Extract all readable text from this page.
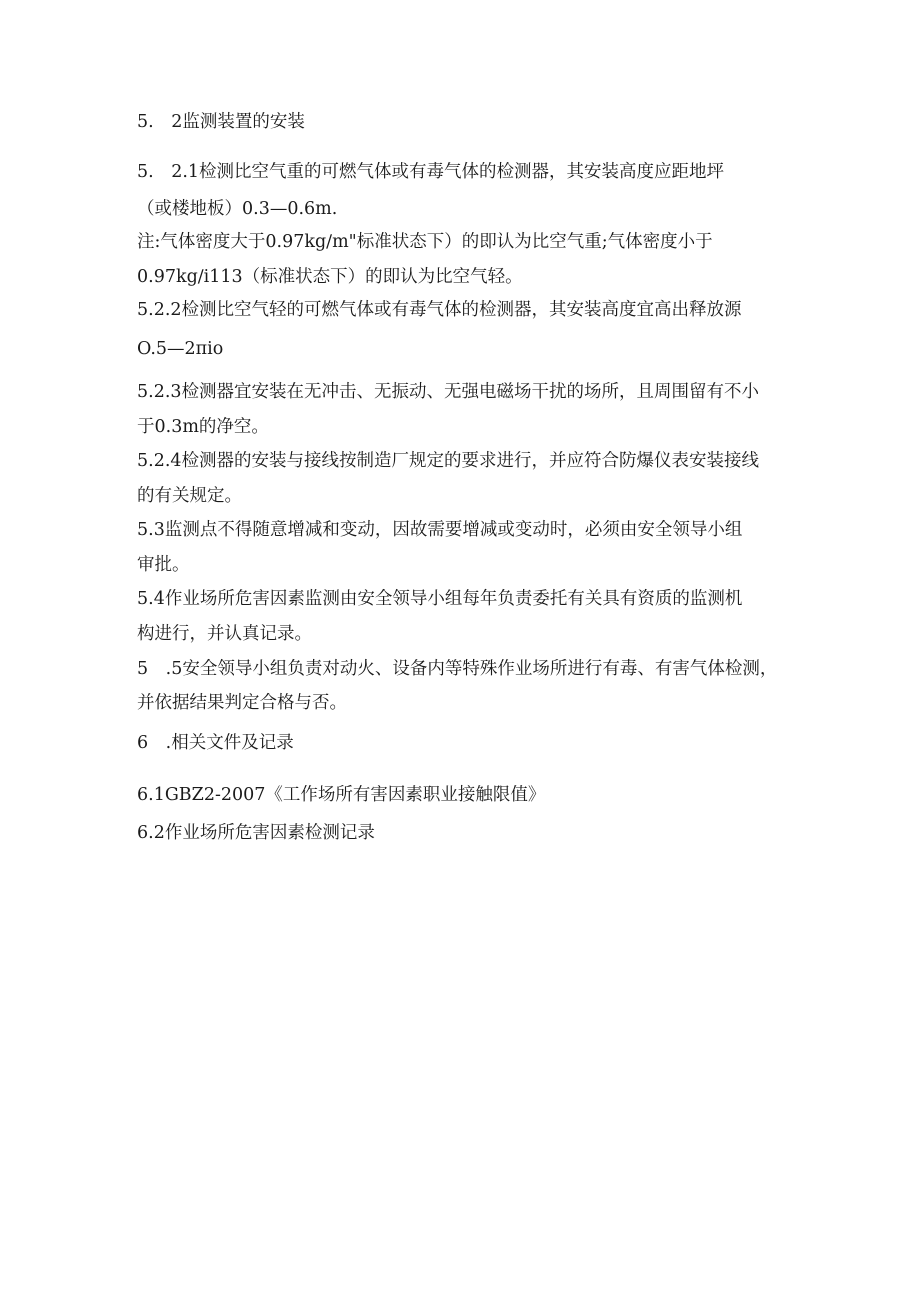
5. 2监测装置的安装
5. 2.1检测比空气重的可燃气体或有毒气体的检测器，其安装高度应距地坪
（或楼地板）0.3—0.6m.
注:气体密度大于0.97kg∕m"标准状态下）的即认为比空气重;气体密度小于
0.97kg∕i113（标准状态下）的即认为比空气轻。
5.2.2检测比空气轻的可燃气体或有毒气体的检测器，其安装高度宜高出释放源
O.5—2πio
5.2.3检测器宜安装在无冲击、无振动、无强电磁场干扰的场所，且周围留有不小
于0.3m的净空。
5.2.4检测器的安装与接线按制造厂规定的要求进行，并应符合防爆仪表安装接线
的有关规定。
5.3监测点不得随意增减和变动，因故需要增减或变动时，必须由安全领导小组
审批。
5.4作业场所危害因素监测由安全领导小组每年负责委托有关具有资质的监测机
构进行，并认真记录。
5 .5安全领导小组负责对动火、设备内等特殊作业场所进行有毒、有害气体检测，
并依据结果判定合格与否。
6 .相关文件及记录
6.1GBZ2-2007《工作场所有害因素职业接触限值》
6.2作业场所危害因素检测记录
